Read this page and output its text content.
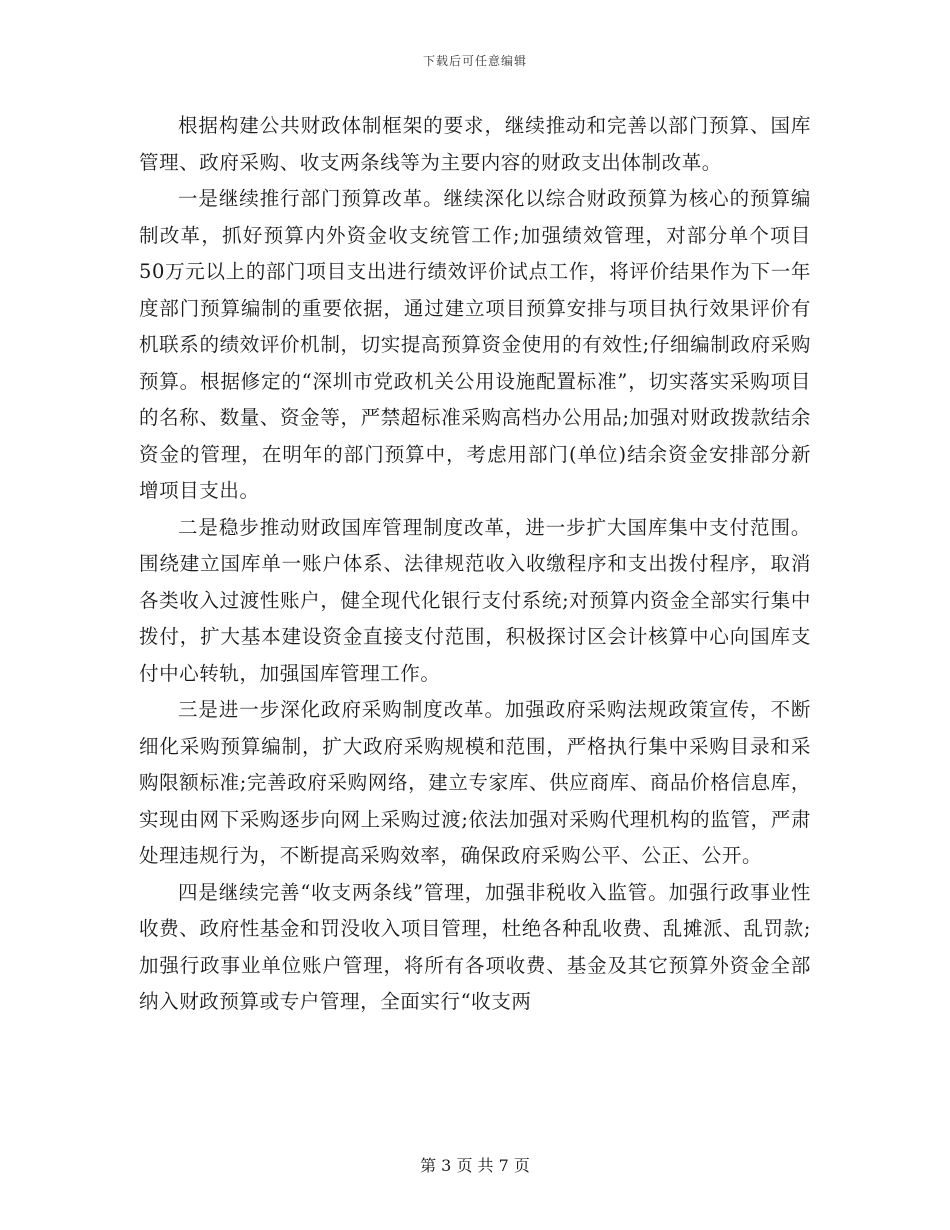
下载后可任意编辑

根据构建公共财政体制框架的要求，继续推动和完善以部门预算、国库管理、政府采购、收支两条线等为主要内容的财政支出体制改革。

一是继续推行部门预算改革。继续深化以综合财政预算为核心的预算编制改革，抓好预算内外资金收支统管工作;加强绩效管理，对部分单个项目50万元以上的部门项目支出进行绩效评价试点工作，将评价结果作为下一年度部门预算编制的重要依据，通过建立项目预算安排与项目执行效果评价有机联系的绩效评价机制，切实提高预算资金使用的有效性;仔细编制政府采购预算。根据修定的“深圳市党政机关公用设施配置标准”，切实落实采购项目的名称、数量、资金等，严禁超标准采购高档办公用品;加强对财政拨款结余资金的管理，在明年的部门预算中，考虑用部门(单位)结余资金安排部分新增项目支出。

二是稳步推动财政国库管理制度改革，进一步扩大国库集中支付范围。围绕建立国库单一账户体系、法律规范收入收缴程序和支出拨付程序，取消各类收入过渡性账户，健全现代化银行支付系统;对预算内资金全部实行集中拨付，扩大基本建设资金直接支付范围，积极探讨区会计核算中心向国库支付中心转轨，加强国库管理工作。

三是进一步深化政府采购制度改革。加强政府采购法规政策宣传，不断细化采购预算编制，扩大政府采购规模和范围，严格执行集中采购目录和采购限额标准;完善政府采购网络，建立专家库、供应商库、商品价格信息库，实现由网下采购逐步向网上采购过渡;依法加强对采购代理机构的监管，严肃处理违规行为，不断提高采购效率，确保政府采购公平、公正、公开。

四是继续完善“收支两条线”管理，加强非税收入监管。加强行政事业性收费、政府性基金和罚没收入项目管理，杜绝各种乱收费、乱摊派、乱罚款;加强行政事业单位账户管理，将所有各项收费、基金及其它预算外资金全部纳入财政预算或专户管理，全面实行“收支两

第 3 页 共 7 页
